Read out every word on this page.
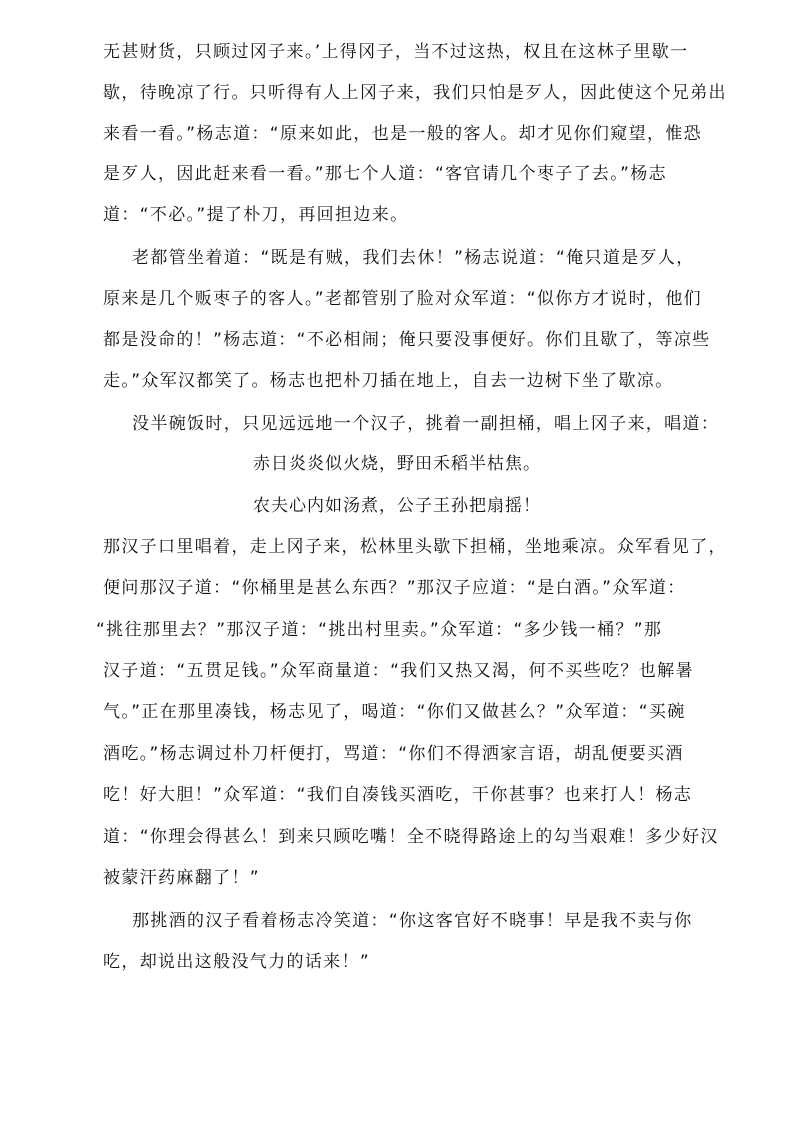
无甚财货，只顾过冈子来。’上得冈子，当不过这热，权且在这林子里歇一
歇，待晚凉了行。只听得有人上冈子来，我们只怕是歹人，因此使这个兄弟出
来看一看。”杨志道：“原来如此，也是一般的客人。却才见你们窥望，惟恐
是歹人，因此赶来看一看。”那七个人道：“客官请几个枣子了去。”杨志
道：“不必。”提了朴刀，再回担边来。
老都管坐着道：“既是有贼，我们去休！”杨志说道：“俺只道是歹人，
原来是几个贩枣子的客人。”老都管别了脸对众军道：“似你方才说时，他们
都是没命的！”杨志道：“不必相闹；俺只要没事便好。你们且歇了，等凉些
走。”众军汉都笑了。杨志也把朴刀插在地上，自去一边树下坐了歇凉。
没半碗饭时，只见远远地一个汉子，挑着一副担桶，唱上冈子来，唱道：
赤日炎炎似火烧，野田禾稻半枯焦。
农夫心内如汤煮，公子王孙把扇摇！
那汉子口里唱着，走上冈子来，松林里头歇下担桶，坐地乘凉。众军看见了，
便问那汉子道：“你桶里是甚么东西？”那汉子应道：“是白酒。”众军道：
“挑往那里去？”那汉子道：“挑出村里卖。”众军道：“多少钱一桶？”那
汉子道：“五贯足钱。”众军商量道：“我们又热又渴，何不买些吃？也解暑
气。”正在那里凑钱，杨志见了，喝道：“你们又做甚么？”众军道：“买碗
酒吃。”杨志调过朴刀杆便打，骂道：“你们不得洒家言语，胡乱便要买酒
吃！好大胆！”众军道：“我们自凑钱买酒吃，干你甚事？也来打人！杨志
道：“你理会得甚么！到来只顾吃嘴！全不晓得路途上的勾当艰难！多少好汉
被蒙汗药麻翻了！”
那挑酒的汉子看着杨志冷笑道：“你这客官好不晓事！早是我不卖与你
吃，却说出这般没气力的话来！”
